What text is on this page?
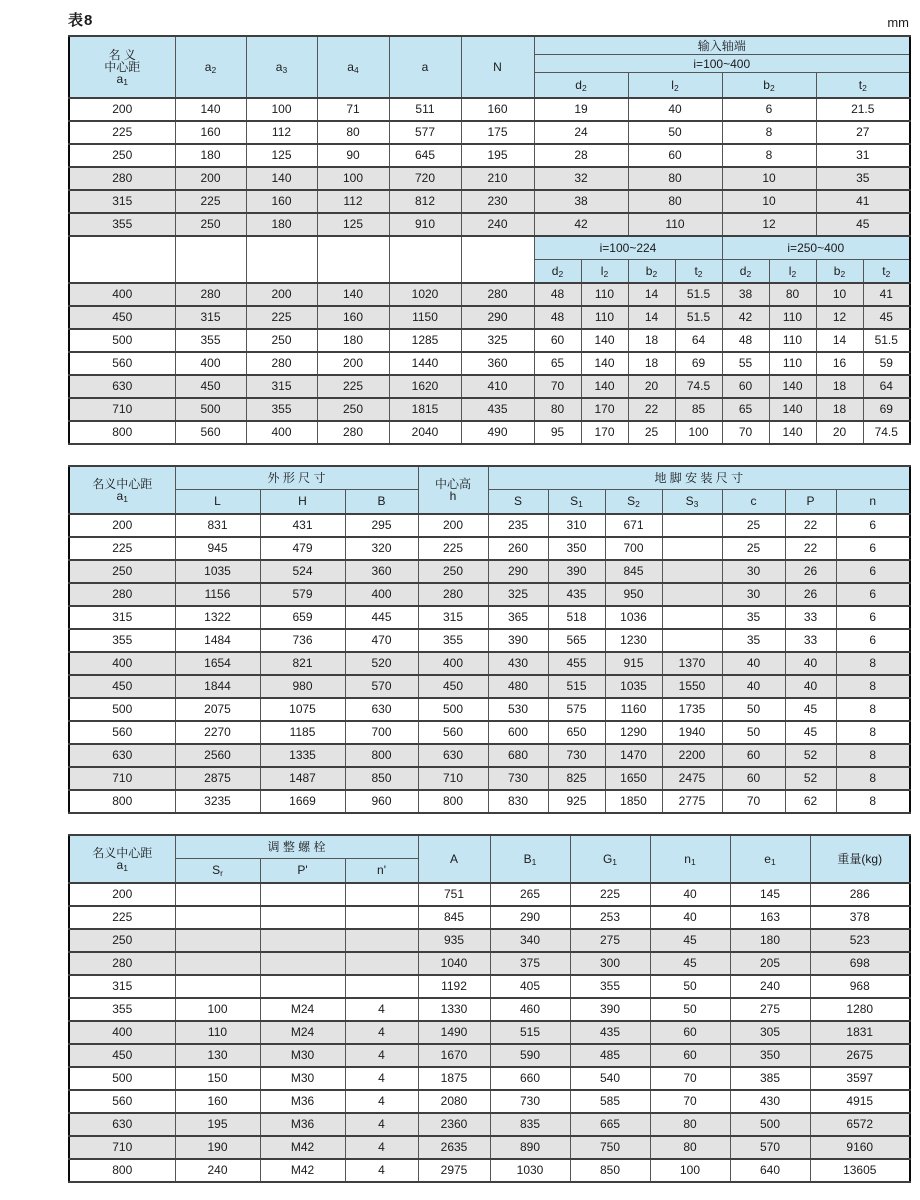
表8	mm
名 义
中心距
$a_1$	$a_2$	$a_3$	$a_4$	a	N	输入轴端							
						i=100~400							
						$d_2$		$l_2$		$b_2$		$t_2$
200	140	100	71	511	160	19		40		6		21.5	
225	160	112	80	577	175	24		50		8		27	
250	180	125	90	645	195	28		60		8		31	
280	200	140	100	720	210	32		80		10		35	
315	225	160	112	812	230	38		80		10		41	
355	250	180	125	910	240	42		110		12		45	
						i=100~224				i=250~400			
						$d_2$	$l_2$	$b_2$	$t_2$	$d_2$	$l_2$	$b_2$	$t_2$
400	280	200	140	1020	280	48	110	14	51.5	38	80	10	41
450	315	225	160	1150	290	48	110	14	51.5	42	110	12	45
500	355	250	180	1285	325	60	140	18	64	48	110	14	51.5
560	400	280	200	1440	360	65	140	18	69	55	110	16	59
630	450	315	225	1620	410	70	140	20	74.5	60	140	18	64
710	500	355	250	1815	435	80	170	22	85	65	140	18	69
800	560	400	280	2040	490	95	170	25	100	70	140	20	74.5
名义中心距
$a_1$
	外 形 尺 寸	中心高
h
	地 脚 安 装 尺 寸
	L	H	B		S	$S_1$	$S_2$	$S_3$	c	P	n
200	831	431	295	200	235	310	671		25	22	6
225	945	479	320	225	260	350	700		25	22	6
250	1035	524	360	250	290	390	845		30	26	6
280	1156	579	400	280	325	435	950		30	26	6
315	1322	659	445	315	365	518	1036		35	33	6
355	1484	736	470	355	390	565	1230		35	33	6
400	1654	821	520	400	430	455	915	1370	40	40	8
450	1844	980	570	450	480	515	1035	1550	40	40	8
500	2075	1075	630	500	530	575	1160	1735	50	45	8
560	2270	1185	700	560	600	650	1290	1940	50	45	8
630	2560	1335	800	630	680	730	1470	2200	60	52	8
710	2875	1487	850	710	730	825	1650	2475	60	52	8
800	3235	1669	960	800	830	925	1850	2775	70	62	8
名义中心距
$a_1$	调 整 螺 栓			A	$B_1$	$G_1$	$n_1$	$e_1$	重量(kg)
	$S_r$	P'	n'						
200				751	265	225	40	145	286
225				845	290	253	40	163	378
250				935	340	275	45	180	523
280				1040	375	300	45	205	698
315				1192	405	355	50	240	968
355	100	M24	4	1330	460	390	50	275	1280
400	110	M24	4	1490	515	435	60	305	1831
450	130	M30	4	1670	590	485	60	350	2675
500	150	M30	4	1875	660	540	70	385	3597
560	160	M36	4	2080	730	585	70	430	4915
630	195	M36	4	2360	835	665	80	500	6572
710	190	M42	4	2635	890	750	80	570	9160
800	240	M42	4	2975	1030	850	100	640	13605
